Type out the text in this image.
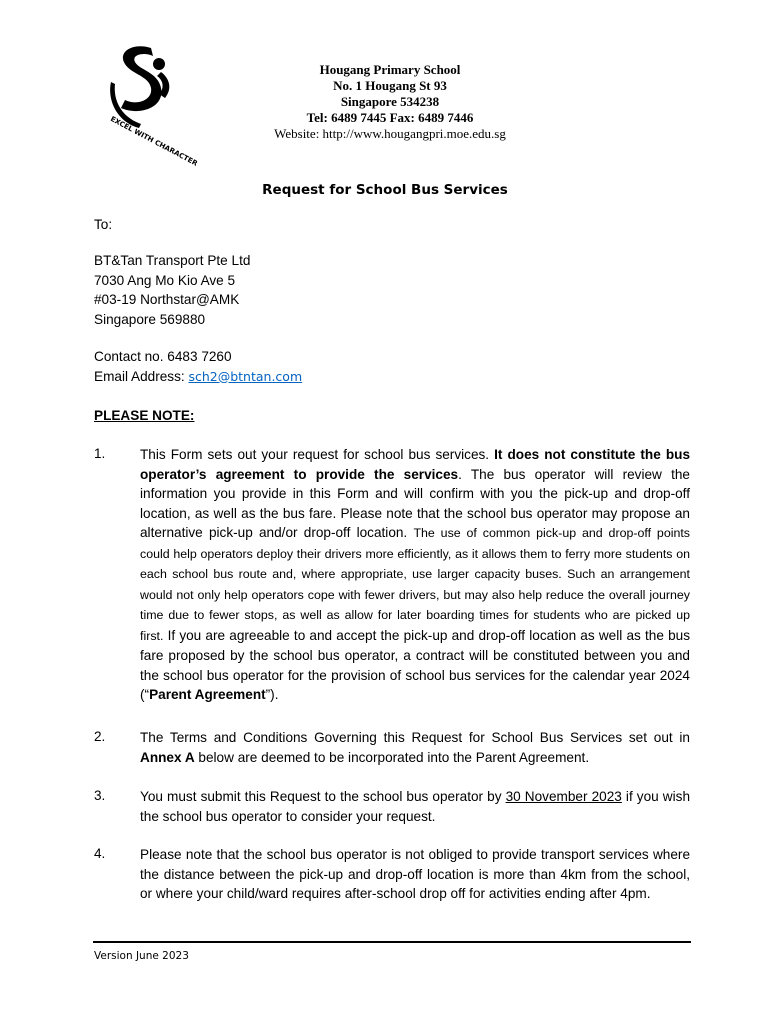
EXCEL WITH CHARACTER
Hougang Primary School
No. 1 Hougang St 93
Singapore 534238
Tel: 6489 7445 Fax: 6489 7446
Website: http://www.hougangpri.moe.edu.sg
Request for School Bus Services
To:
BT&Tan Transport Pte Ltd
7030 Ang Mo Kio Ave 5
#03-19 Northstar@AMK
Singapore 569880
Contact no. 6483 7260
Email Address: sch2@btntan.com
PLEASE NOTE:
1.	This Form sets out your request for school bus services. It does not constitute the bus operator’s agreement to provide the services. The bus operator will review the information you provide in this Form and will confirm with you the pick-up and drop-off location, as well as the bus fare. Please note that the school bus operator may propose an alternative pick-up and/or drop-off location. The use of common pick-up and drop-off points could help operators deploy their drivers more efficiently, as it allows them to ferry more students on each school bus route and, where appropriate, use larger capacity buses. Such an arrangement would not only help operators cope with fewer drivers, but may also help reduce the overall journey time due to fewer stops, as well as allow for later boarding times for students who are picked up first. If you are agreeable to and accept the pick-up and drop-off location as well as the bus fare proposed by the school bus operator, a contract will be constituted between you and the school bus operator for the provision of school bus services for the calendar year 2024 (“Parent Agreement”).
2.	The Terms and Conditions Governing this Request for School Bus Services set out in Annex A below are deemed to be incorporated into the Parent Agreement.
3.	You must submit this Request to the school bus operator by 30 November 2023 if you wish the school bus operator to consider your request.
4.	Please note that the school bus operator is not obliged to provide transport services where the distance between the pick-up and drop-off location is more than 4km from the school, or where your child/ward requires after-school drop off for activities ending after 4pm.
Version June 2023
